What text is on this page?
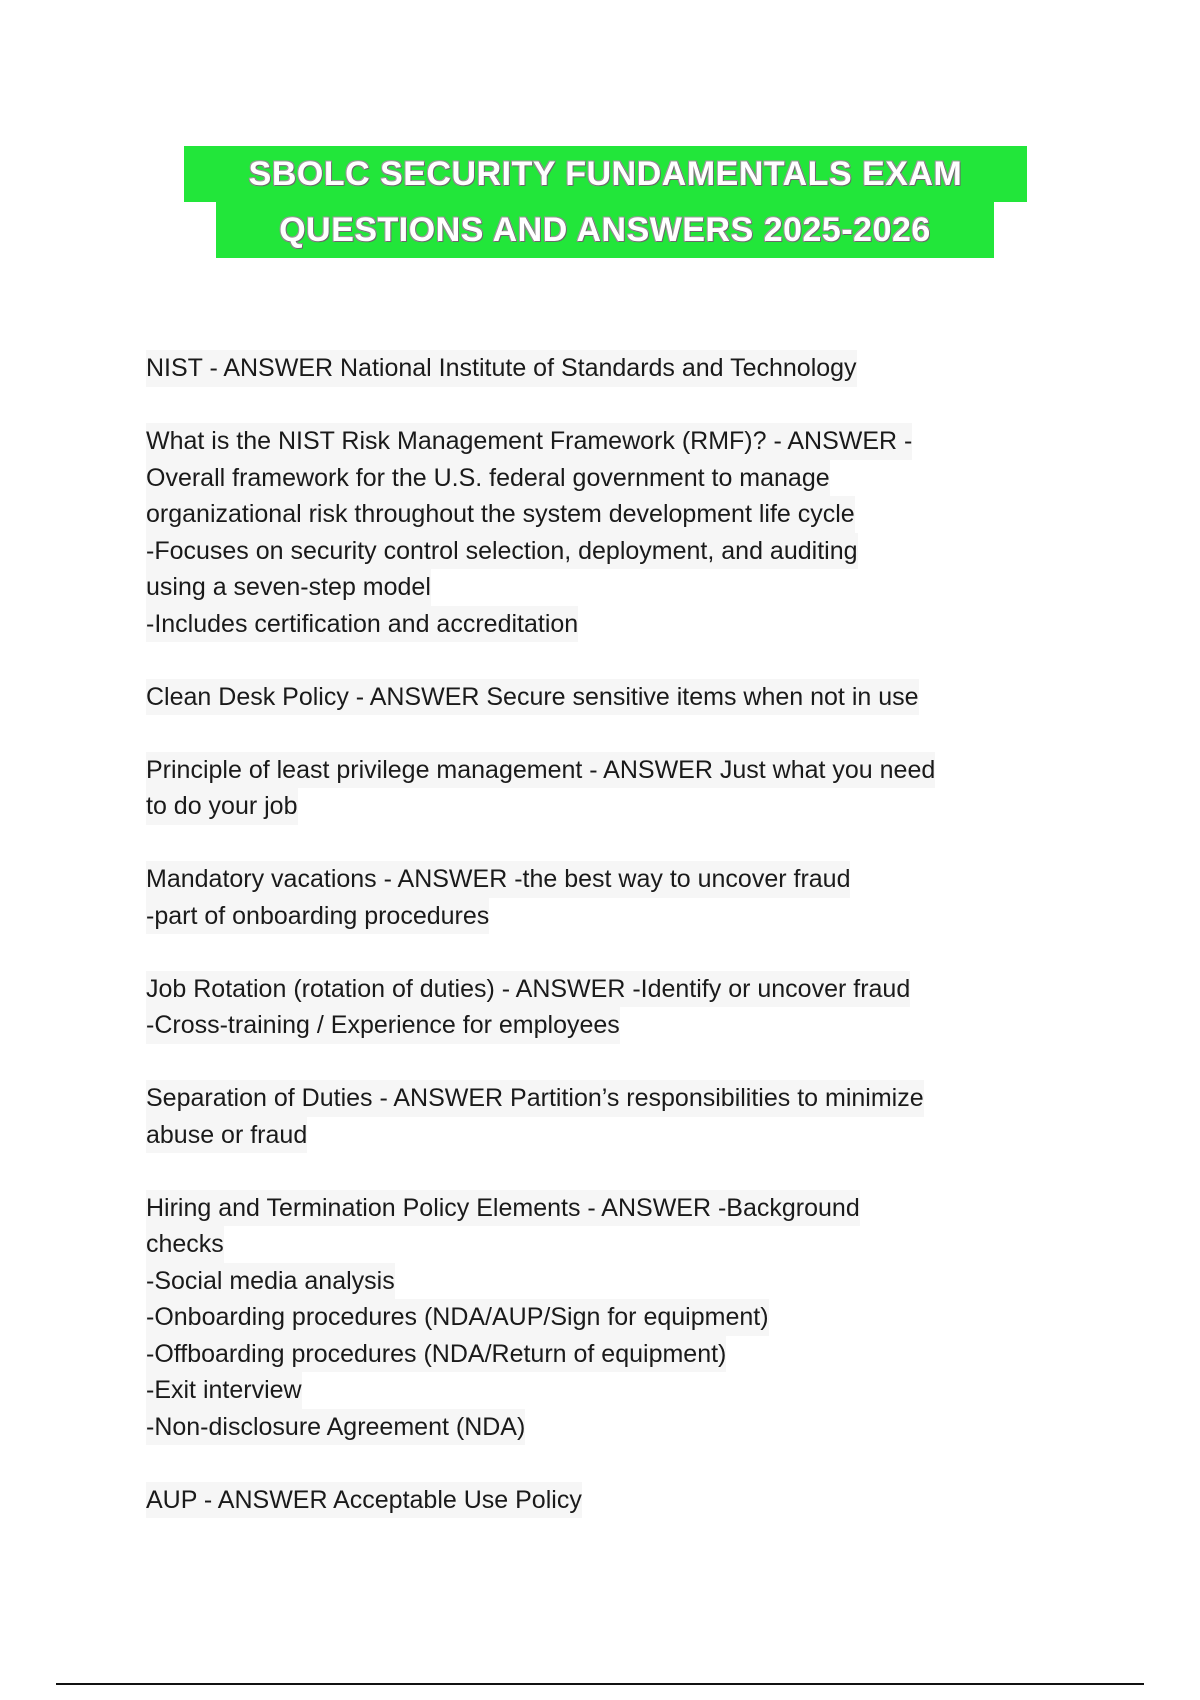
SBOLC SECURITY FUNDAMENTALS EXAM
QUESTIONS AND ANSWERS 2025-2026
NIST - ANSWER National Institute of Standards and Technology
What is the NIST Risk Management Framework (RMF)? - ANSWER -
Overall framework for the U.S. federal government to manage
organizational risk throughout the system development life cycle
-Focuses on security control selection, deployment, and auditing
using a seven-step model
-Includes certification and accreditation
Clean Desk Policy - ANSWER Secure sensitive items when not in use
Principle of least privilege management - ANSWER Just what you need
to do your job
Mandatory vacations - ANSWER -the best way to uncover fraud
-part of onboarding procedures
Job Rotation (rotation of duties) - ANSWER -Identify or uncover fraud
-Cross-training / Experience for employees
Separation of Duties - ANSWER Partition’s responsibilities to minimize
abuse or fraud
Hiring and Termination Policy Elements - ANSWER -Background
checks
-Social media analysis
-Onboarding procedures (NDA/AUP/Sign for equipment)
-Offboarding procedures (NDA/Return of equipment)
-Exit interview
-Non-disclosure Agreement (NDA)
AUP - ANSWER Acceptable Use Policy
